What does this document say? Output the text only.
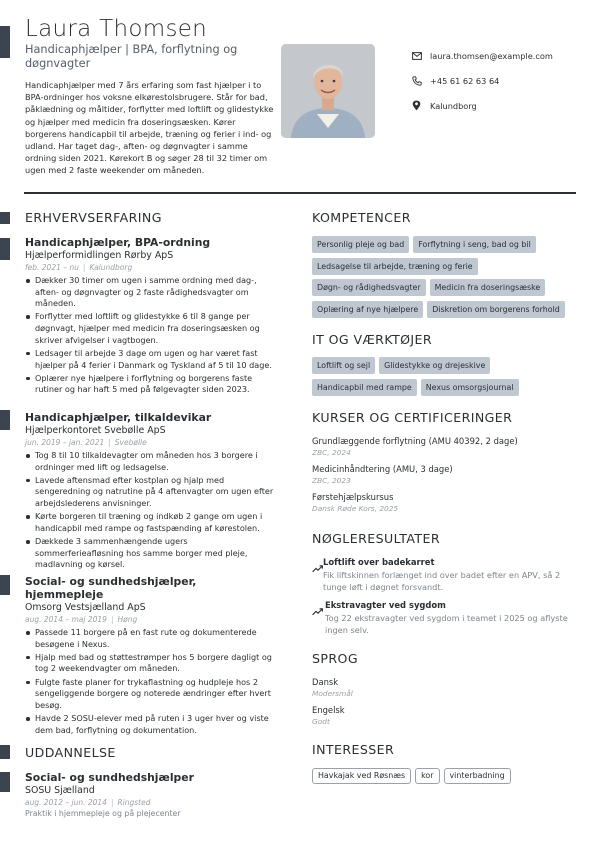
Laura Thomsen
Handicaphjælper | BPA, forflytning og døgnvagter
Handicaphjælper med 7 års erfaring som fast hjælper i to BPA-ordninger hos voksne elkørestolsbrugere. Står for bad, påklædning og måltider, forflytter med loftlift og glidestykke og hjælper med medicin fra doseringsæsken. Kører borgerens handicapbil til arbejde, træning og ferier i ind- og udland. Har taget dag-, aften- og døgnvagter i samme ordning siden 2021. Kørekort B og søger 28 til 32 timer om ugen med 2 faste weekender om måneden.
laura.thomsen@example.com
+45 61 62 63 64
Kalundborg
ERHVERVSERFARING
Handicaphjælper, BPA-ordning
Hjælperformidlingen Rørby ApS
feb. 2021 – nu | Kalundborg
Dækker 30 timer om ugen i samme ordning med dag-, aften- og døgnvagter og 2 faste rådighedsvagter om måneden.
Forflytter med loftlift og glidestykke 6 til 8 gange per døgnvagt, hjælper med medicin fra doseringsæsken og skriver afvigelser i vagtbogen.
Ledsager til arbejde 3 dage om ugen og har været fast hjælper på 4 ferier i Danmark og Tyskland af 5 til 10 dage.
Oplærer nye hjælpere i forflytning og borgerens faste rutiner og har haft 5 med på følgevagter siden 2023.
Handicaphjælper, tilkaldevikar
Hjælperkontoret Svebølle ApS
jun. 2019 – jan. 2021 | Svebølle
Tog 8 til 10 tilkaldevagter om måneden hos 3 borgere i ordninger med lift og ledsagelse.
Lavede aftensmad efter kostplan og hjalp med sengeredning og natrutine på 4 aftenvagter om ugen efter arbejdslederens anvisninger.
Kørte borgeren til træning og indkøb 2 gange om ugen i handicapbil med rampe og fastspænding af kørestolen.
Dækkede 3 sammenhængende ugers sommerferieafløsning hos samme borger med pleje, madlavning og kørsel.
Social- og sundhedshjælper, hjemmepleje
Omsorg Vestsjælland ApS
aug. 2014 – maj 2019 | Høng
Passede 11 borgere på en fast rute og dokumenterede besøgene i Nexus.
Hjalp med bad og støttestrømper hos 5 borgere dagligt og tog 2 weekendvagter om måneden.
Fulgte faste planer for trykaflastning og hudpleje hos 2 sengeliggende borgere og noterede ændringer efter hvert besøg.
Havde 2 SOSU-elever med på ruten i 3 uger hver og viste dem bad, forflytning og dokumentation.
UDDANNELSE
Social- og sundhedshjælper
SOSU Sjælland
aug. 2012 – jun. 2014 | Ringsted
Praktik i hjemmepleje og på plejecenter
KOMPETENCER
Personlig pleje og bad	Forflytning i seng, bad og bil
Ledsagelse til arbejde, træning og ferie
Døgn- og rådighedsvagter	Medicin fra doseringsæske
Oplæring af nye hjælpere	Diskretion om borgerens forhold
IT OG VÆRKTØJER
Loftlift og sejl	Glidestykke og drejeskive
Handicapbil med rampe	Nexus omsorgsjournal
KURSER OG CERTIFICERINGER
Grundlæggende forflytning (AMU 40392, 2 dage)
ZBC, 2024
Medicinhåndtering (AMU, 3 dage)
ZBC, 2023
Førstehjælpskursus
Dansk Røde Kors, 2025
NØGLERESULTATER
Loftlift over badekarret
Fik liftskinnen forlænget ind over badet efter en APV, så 2 tunge løft i døgnet forsvandt.
Ekstravagter ved sygdom
Tog 22 ekstravagter ved sygdom i teamet i 2025 og aflyste ingen selv.
SPROG
Dansk
Modersmål
Engelsk
Godt
INTERESSER
Havkajak ved Røsnæs	kor	vinterbadning
